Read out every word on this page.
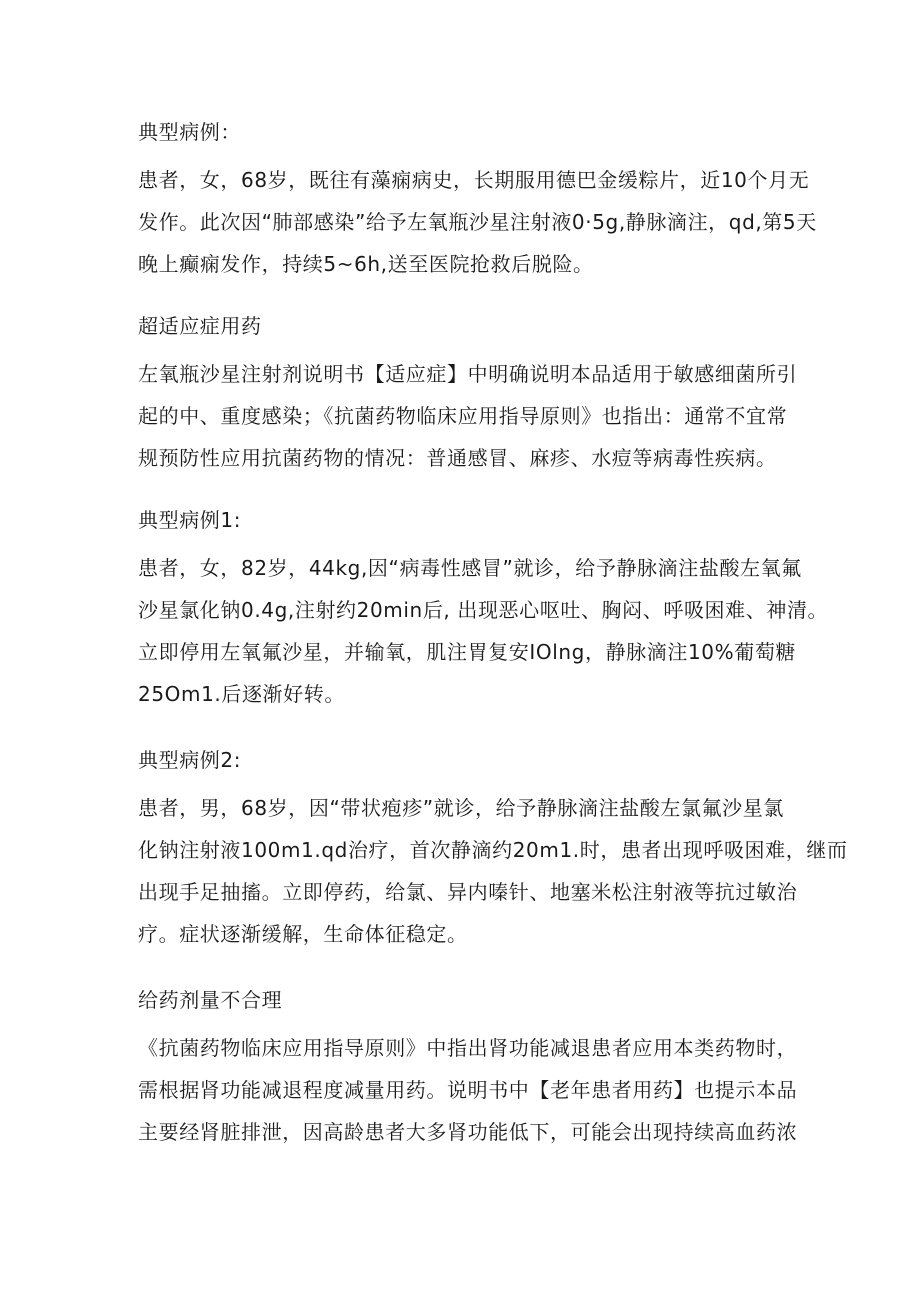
典型病例：
患者，女，68岁，既往有藻痫病史，长期服用德巴金缓粽片，近10个月无
发作。此次因“肺部感染”给予左氧瓶沙星注射液0·5g,静脉滴注，qd,第5天
晚上癫痫发作，持续5~6h,送至医院抢救后脱险。
超适应症用药
左氧瓶沙星注射剂说明书【适应症】中明确说明本品适用于敏感细菌所引
起的中、重度感染；《抗菌药物临床应用指导原则》也指出：通常不宜常
规预防性应用抗菌药物的情况：普通感冒、麻疹、水痘等病毒性疾病。
典型病例1:
患者，女，82岁，44kg,因“病毒性感冒”就诊，给予静脉滴注盐酸左氧氟
沙星氯化钠0.4g,注射约20min后, 出现恶心呕吐、胸闷、呼吸困难、神清。
立即停用左氧氟沙星，并输氧，肌注胃复安IOlng，静脉滴注10%葡萄糖
25Om1.后逐渐好转。
典型病例2:
患者，男，68岁，因“带状疱疹”就诊，给予静脉滴注盐酸左氯氟沙星氯
化钠注射液100m1.qd治疗，首次静滴约20m1.时，患者出现呼吸困难，继而
出现手足抽搐。立即停药，给氯、异内嗪针、地塞米松注射液等抗过敏治
疗。症状逐渐缓解，生命体征稳定。
给药剂量不合理
《抗菌药物临床应用指导原则》中指出肾功能减退患者应用本类药物时，
需根据肾功能减退程度减量用药。说明书中【老年患者用药】也提示本品
主要经肾脏排泄，因高龄患者大多肾功能低下，可能会出现持续高血药浓
